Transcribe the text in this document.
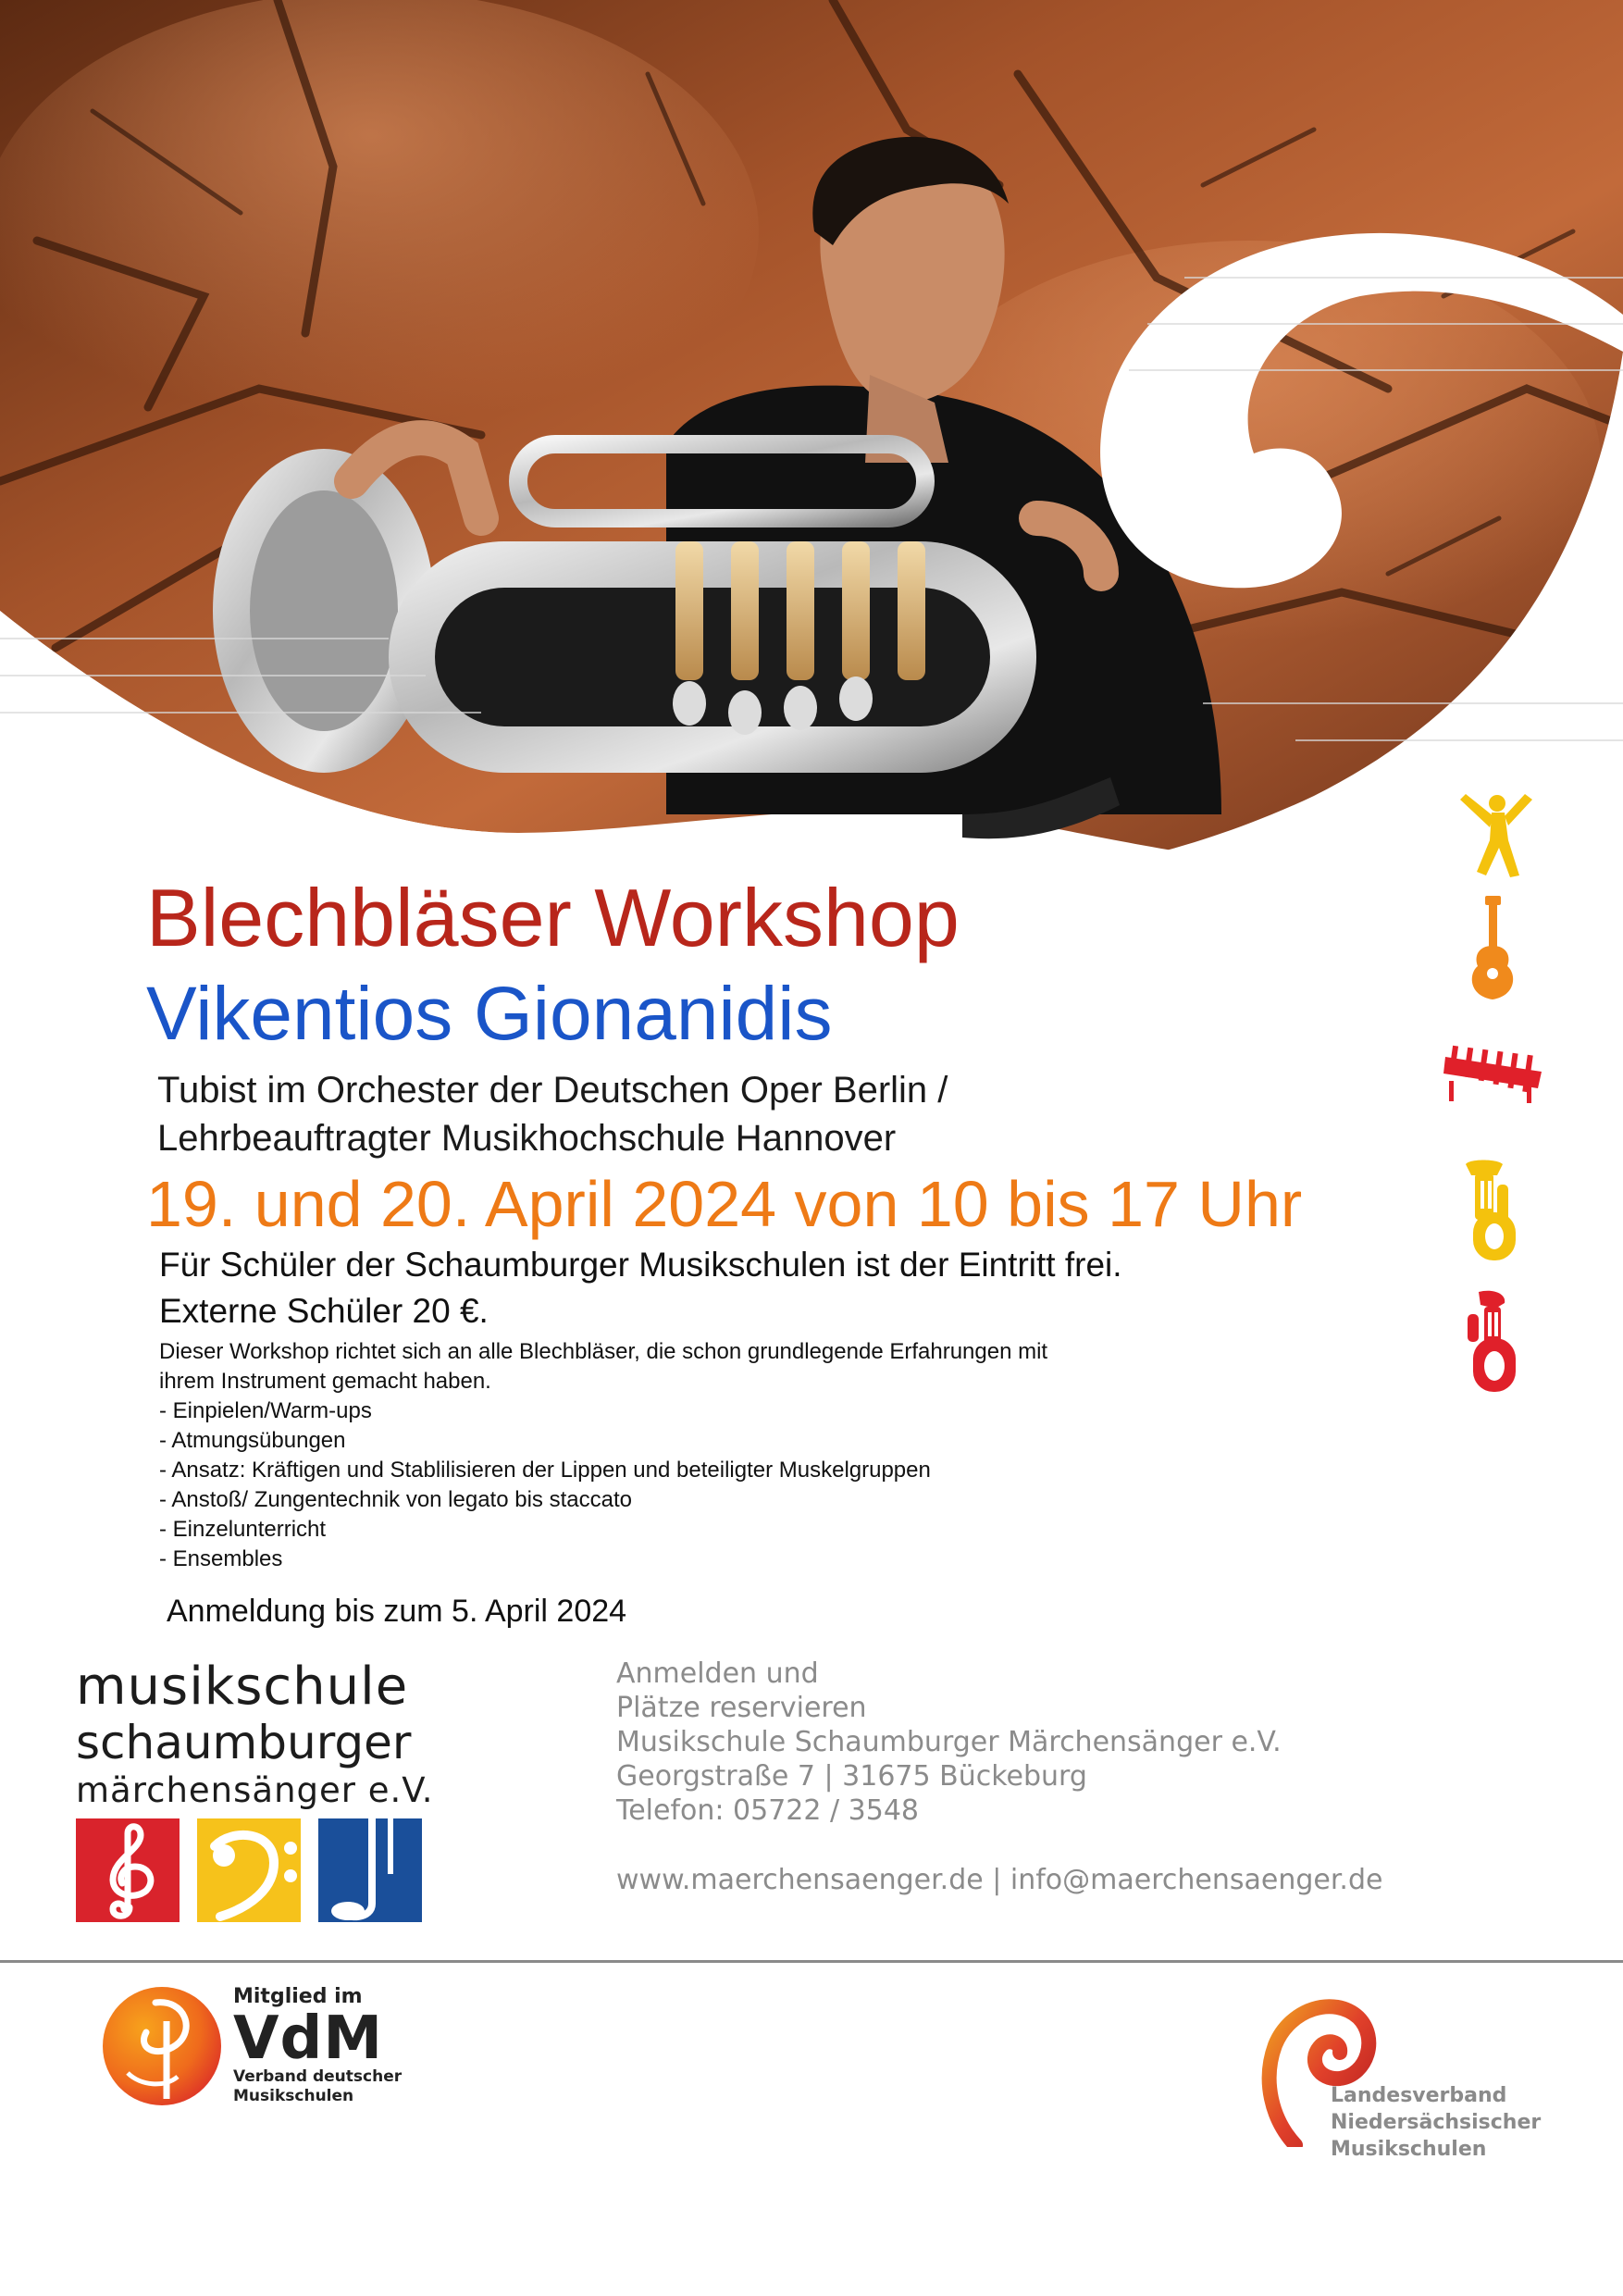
Blechbläser Workshop
Vikentios Gionanidis
Tubist im Orchester der Deutschen Oper Berlin /
Lehrbeauftragter Musikhochschule Hannover
19. und 20. April 2024 von 10 bis 17 Uhr
Für Schüler der Schaumburger Musikschulen ist der Eintritt frei.
Externe Schüler 20 €.
Dieser Workshop richtet sich an alle Blechbläser, die schon grundlegende Erfahrungen mit
ihrem Instrument gemacht haben.
- Einpielen/Warm-ups
- Atmungsübungen
- Ansatz: Kräftigen und Stablilisieren der Lippen und beteiligter Muskelgruppen
- Anstoß/ Zungentechnik von legato bis staccato
- Einzelunterricht
- Ensembles
Anmeldung bis zum 5. April 2024
musikschule
schaumburger
märchensänger e.V.
Anmelden und
Plätze reservieren
Musikschule Schaumburger Märchensänger e.V.
Georgstraße 7 | 31675 Bückeburg
Telefon: 05722 / 3548
www.maerchensaenger.de | info@maerchensaenger.de
Mitglied im
VdM
Verband deutscher
Musikschulen	Landesverband
Niedersächsischer
Musikschulen
